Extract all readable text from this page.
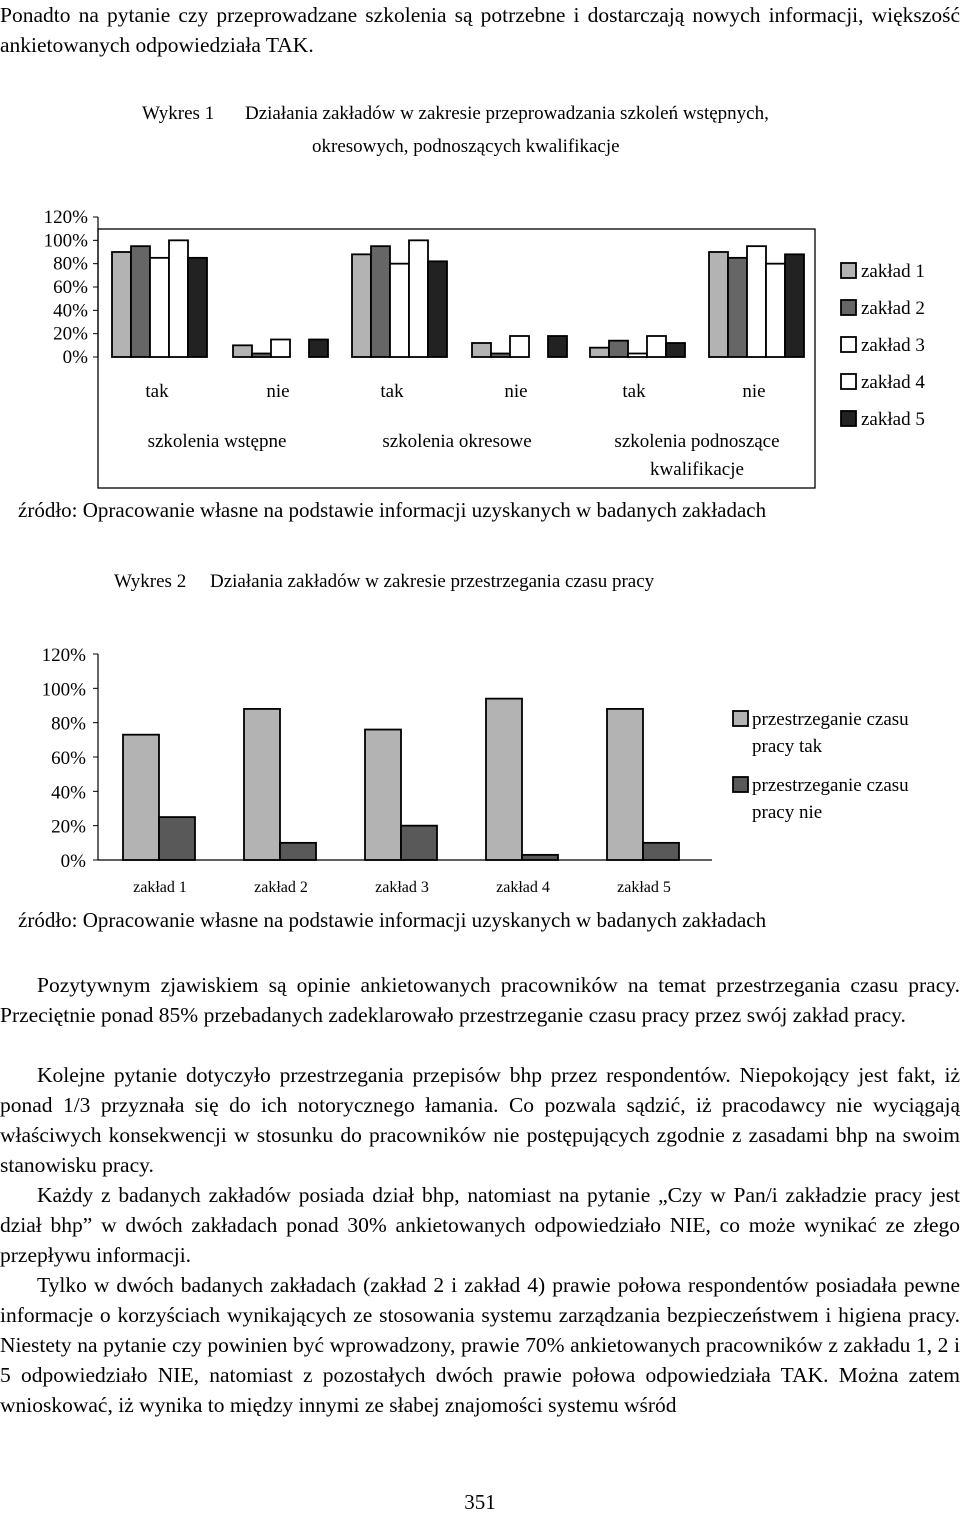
Ponadto na pytanie czy przeprowadzane szkolenia są potrzebne i dostarczają nowych informacji, większość ankietowanych odpowiedziała TAK.

Wykres 1 Działania zakładów w zakresie przeprowadzania szkoleń wstępnych,
okresowych, podnoszących kwalifikacje
120%
100%
80%
60%
40%
20%
0%
tak	nie	tak	nie	tak	nie
szkolenia wstępne	szkolenia okresowe	szkolenia podnoszące
kwalifikacje
zakład 1
zakład 2
zakład 3
zakład 4
zakład 5
źródło: Opracowanie własne na podstawie informacji uzyskanych w badanych zakładach
Wykres 2 Działania zakładów w zakresie przestrzegania czasu pracy
120%
100%
80%
60%
40%
20%
0%
zakład 1	zakład 2	zakład 3	zakład 4	zakład 5
przestrzeganie czasu
pracy tak
przestrzeganie czasu
pracy nie
źródło: Opracowanie własne na podstawie informacji uzyskanych w badanych zakładach

Pozytywnym zjawiskiem są opinie ankietowanych pracowników na temat przestrzegania czasu pracy. Przeciętnie ponad 85% przebadanych zadeklarowało przestrzeganie czasu pracy przez swój zakład pracy.

Kolejne pytanie dotyczyło przestrzegania przepisów bhp przez respondentów. Niepokojący jest fakt, iż ponad 1/3 przyznała się do ich notorycznego łamania. Co pozwala sądzić, iż pracodawcy nie wyciągają właściwych konsekwencji w stosunku do pracowników nie postępujących zgodnie z zasadami bhp na swoim stanowisku pracy.

Każdy z badanych zakładów posiada dział bhp, natomiast na pytanie „Czy w Pan/i zakładzie pracy jest dział bhp” w dwóch zakładach ponad 30% ankietowanych odpowiedziało NIE, co może wynikać ze złego przepływu informacji.

Tylko w dwóch badanych zakładach (zakład 2 i zakład 4) prawie połowa respondentów posiadała pewne informacje o korzyściach wynikających ze stosowania systemu zarządzania bezpieczeństwem i higiena pracy. Niestety na pytanie czy powinien być wprowadzony, prawie 70% ankietowanych pracowników z zakładu 1, 2 i 5 odpowiedziało NIE, natomiast z pozostałych dwóch prawie połowa odpowiedziała TAK. Można zatem wnioskować, iż wynika to między innymi ze słabej znajomości systemu wśród

351
